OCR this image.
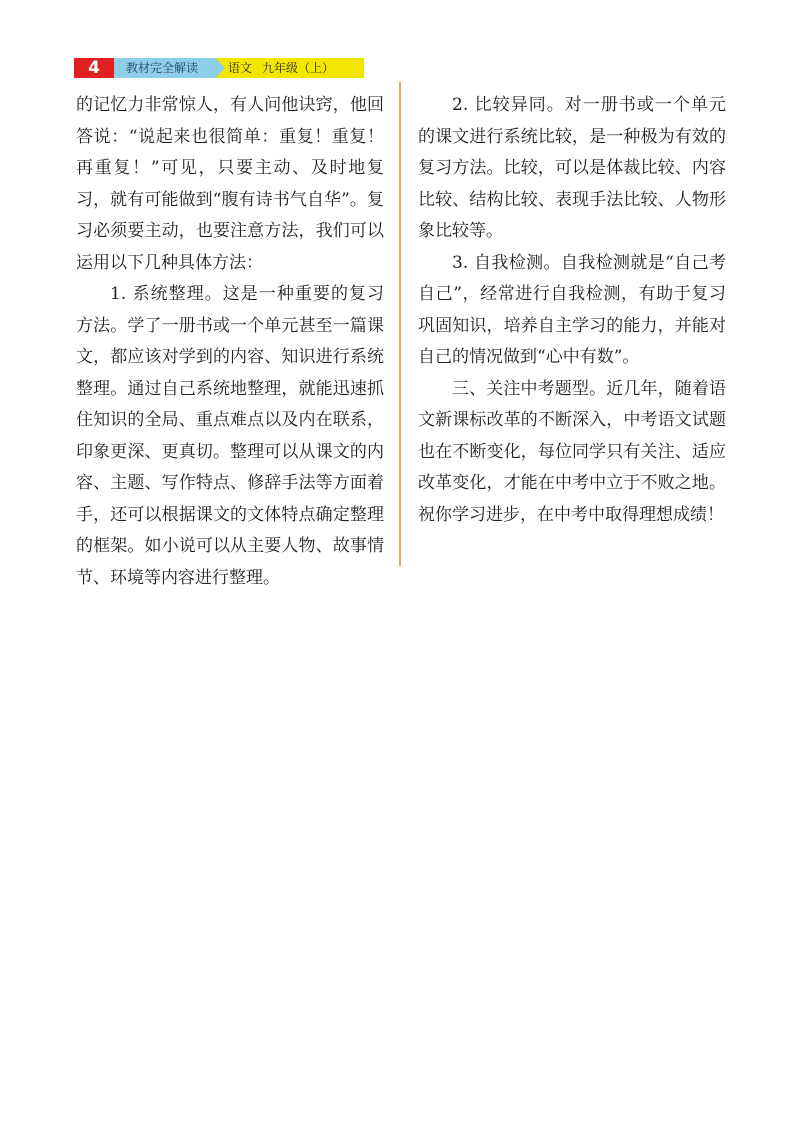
4	教材完全解读	语文 九年级（上）

的记忆力非常惊人，有人问他诀窍，他回答说：“说起来也很简单：重复！重复！再重复！”可见，只要主动、及时地复习，就有可能做到“腹有诗书气自华”。复习必须要主动，也要注意方法，我们可以运用以下几种具体方法：

1. 系统整理。这是一种重要的复习方法。学了一册书或一个单元甚至一篇课文，都应该对学到的内容、知识进行系统整理。通过自己系统地整理，就能迅速抓住知识的全局、重点难点以及内在联系，印象更深、更真切。整理可以从课文的内容、主题、写作特点、修辞手法等方面着手，还可以根据课文的文体特点确定整理的框架。如小说可以从主要人物、故事情节、环境等内容进行整理。

2. 比较异同。对一册书或一个单元的课文进行系统比较，是一种极为有效的复习方法。比较，可以是体裁比较、内容比较、结构比较、表现手法比较、人物形象比较等。

3. 自我检测。自我检测就是“自己考自己”，经常进行自我检测，有助于复习巩固知识，培养自主学习的能力，并能对自己的情况做到“心中有数”。

三、关注中考题型。近几年，随着语文新课标改革的不断深入，中考语文试题也在不断变化，每位同学只有关注、适应改革变化，才能在中考中立于不败之地。祝你学习进步，在中考中取得理想成绩！
